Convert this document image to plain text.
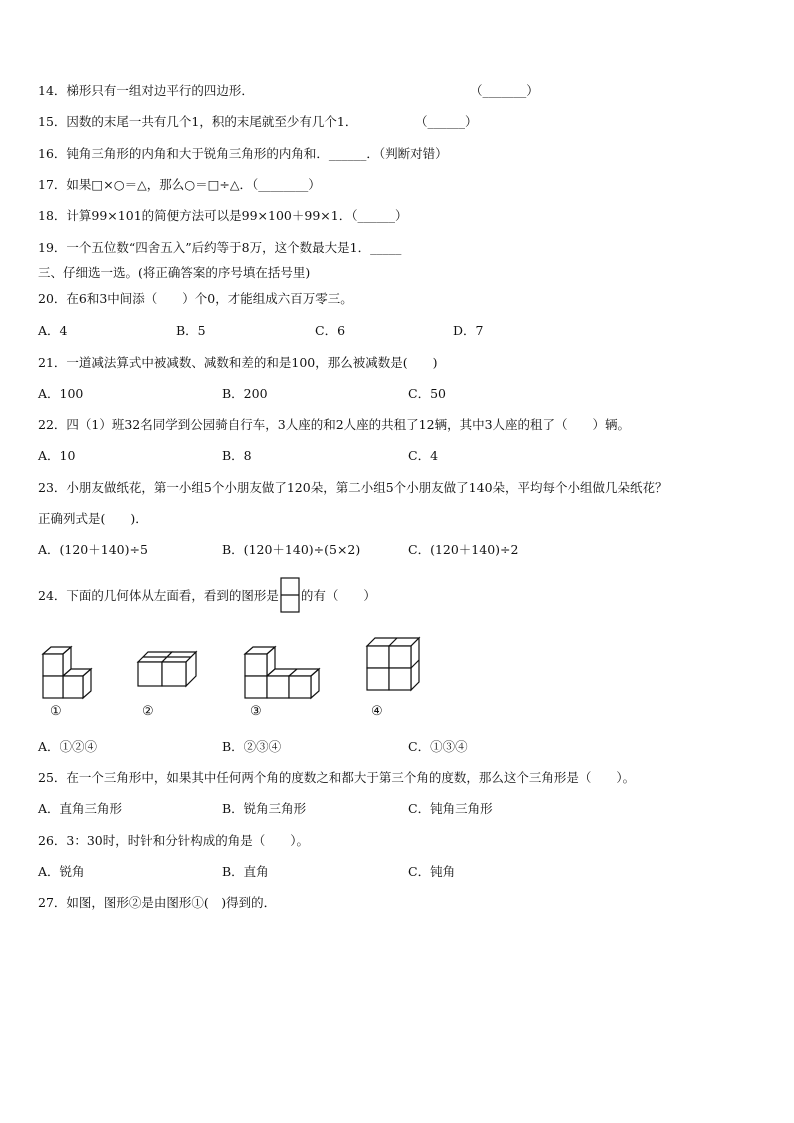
14．梯形只有一组对边平行的四边形．	（_______）
15．因数的末尾一共有几个1，积的末尾就至少有几个1．	（______）
16．钝角三角形的内角和大于锐角三角形的内角和．______．（判断对错）
17．如果□×○＝△，那么○＝□÷△．（________）
18．计算99×101的简便方法可以是99×100＋99×1．（______）
19．一个五位数“四舍五入”后约等于8万，这个数最大是1．_____
三、仔细选一选。(将正确答案的序号填在括号里)
20．在6和3中间添（　　）个0，才能组成六百万零三。
A．4	B．5	C．6	D．7
21．一道减法算式中被减数、减数和差的和是100，那么被减数是(　　)
A．100	B．200	C．50
22．四（1）班32名同学到公园骑自行车，3人座的和2人座的共租了12辆，其中3人座的租了（　　）辆。
A．10	B．8	C．4
23．小朋友做纸花，第一小组5个小朋友做了120朵，第二小组5个小朋友做了140朵，平均每个小组做几朵纸花？
正确列式是(　　)．
A．(120＋140)÷5	B．(120＋140)÷(5×2)	C．(120＋140)÷2
24．下面的几何体从左面看，看到的图形是 的有（　　）
①	②	③	④
A．①②④	B．②③④	C．①③④
25．在一个三角形中，如果其中任何两个角的度数之和都大于第三个角的度数，那么这个三角形是（　　）。
A．直角三角形	B．锐角三角形	C．钝角三角形
26．3：30时，时针和分针构成的角是（　　）。
A．锐角	B．直角	C．钝角
27．如图，图形②是由图形①(　)得到的．
